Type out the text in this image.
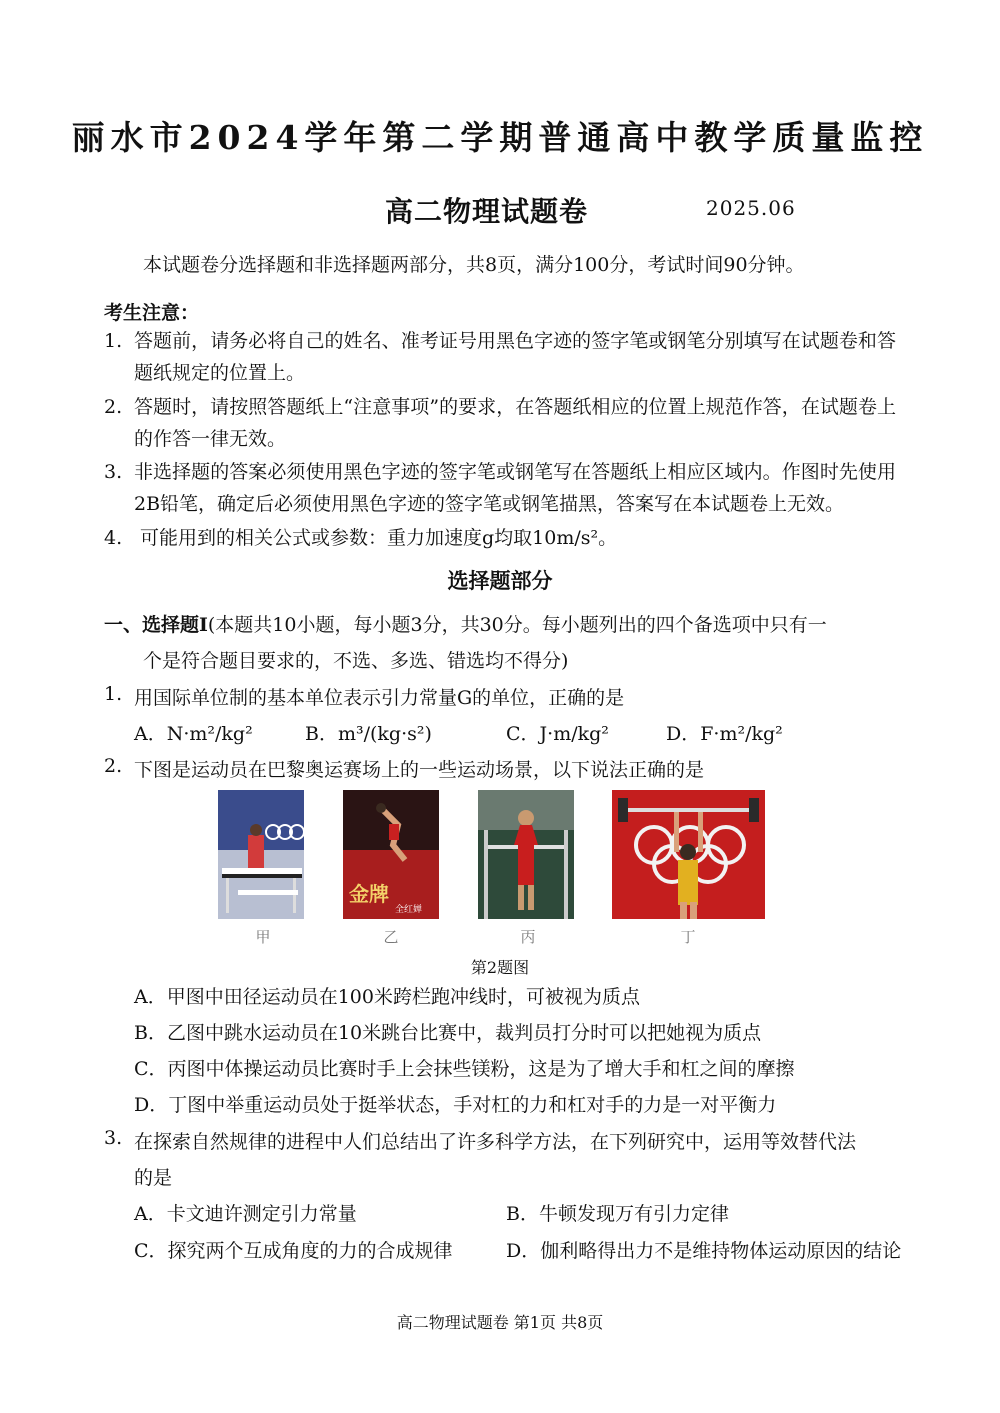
丽水市2024学年第二学期普通高中教学质量监控
高二物理试题卷	2025.06
本试题卷分选择题和非选择题两部分，共8页，满分100分，考试时间90分钟。
考生注意：
1. 答题前，请务必将自己的姓名、准考证号用黑色字迹的签字笔或钢笔分别填写在试题卷和答题纸规定的位置上。
2. 答题时，请按照答题纸上“注意事项”的要求，在答题纸相应的位置上规范作答，在试题卷上的作答一律无效。
3. 非选择题的答案必须使用黑色字迹的签字笔或钢笔写在答题纸上相应区域内。作图时先使用2B铅笔，确定后必须使用黑色字迹的签字笔或钢笔描黑，答案写在本试题卷上无效。
4. 可能用到的相关公式或参数：重力加速度g均取10m/s²。
选择题部分
一、选择题Ⅰ(本题共10小题，每小题3分，共30分。每小题列出的四个备选项中只有一
个是符合题目要求的，不选、多选、错选均不得分)
1. 用国际单位制的基本单位表示引力常量G的单位，正确的是
A．N·m²/kg²	B．m³/(kg·s²)	C．J·m/kg²	D．F·m²/kg²
2. 下图是运动员在巴黎奥运赛场上的一些运动场景，以下说法正确的是
金牌
全红婵
甲	乙	丙	丁
第2题图
A．甲图中田径运动员在100米跨栏跑冲线时，可被视为质点
B．乙图中跳水运动员在10米跳台比赛中，裁判员打分时可以把她视为质点
C．丙图中体操运动员比赛时手上会抹些镁粉，这是为了增大手和杠之间的摩擦
D．丁图中举重运动员处于挺举状态，手对杠的力和杠对手的力是一对平衡力
3. 在探索自然规律的进程中人们总结出了许多科学方法，在下列研究中，运用等效替代法
的是
A．卡文迪许测定引力常量	B．牛顿发现万有引力定律
C．探究两个互成角度的力的合成规律	D．伽利略得出力不是维持物体运动原因的结论
高二物理试题卷 第1页 共8页
